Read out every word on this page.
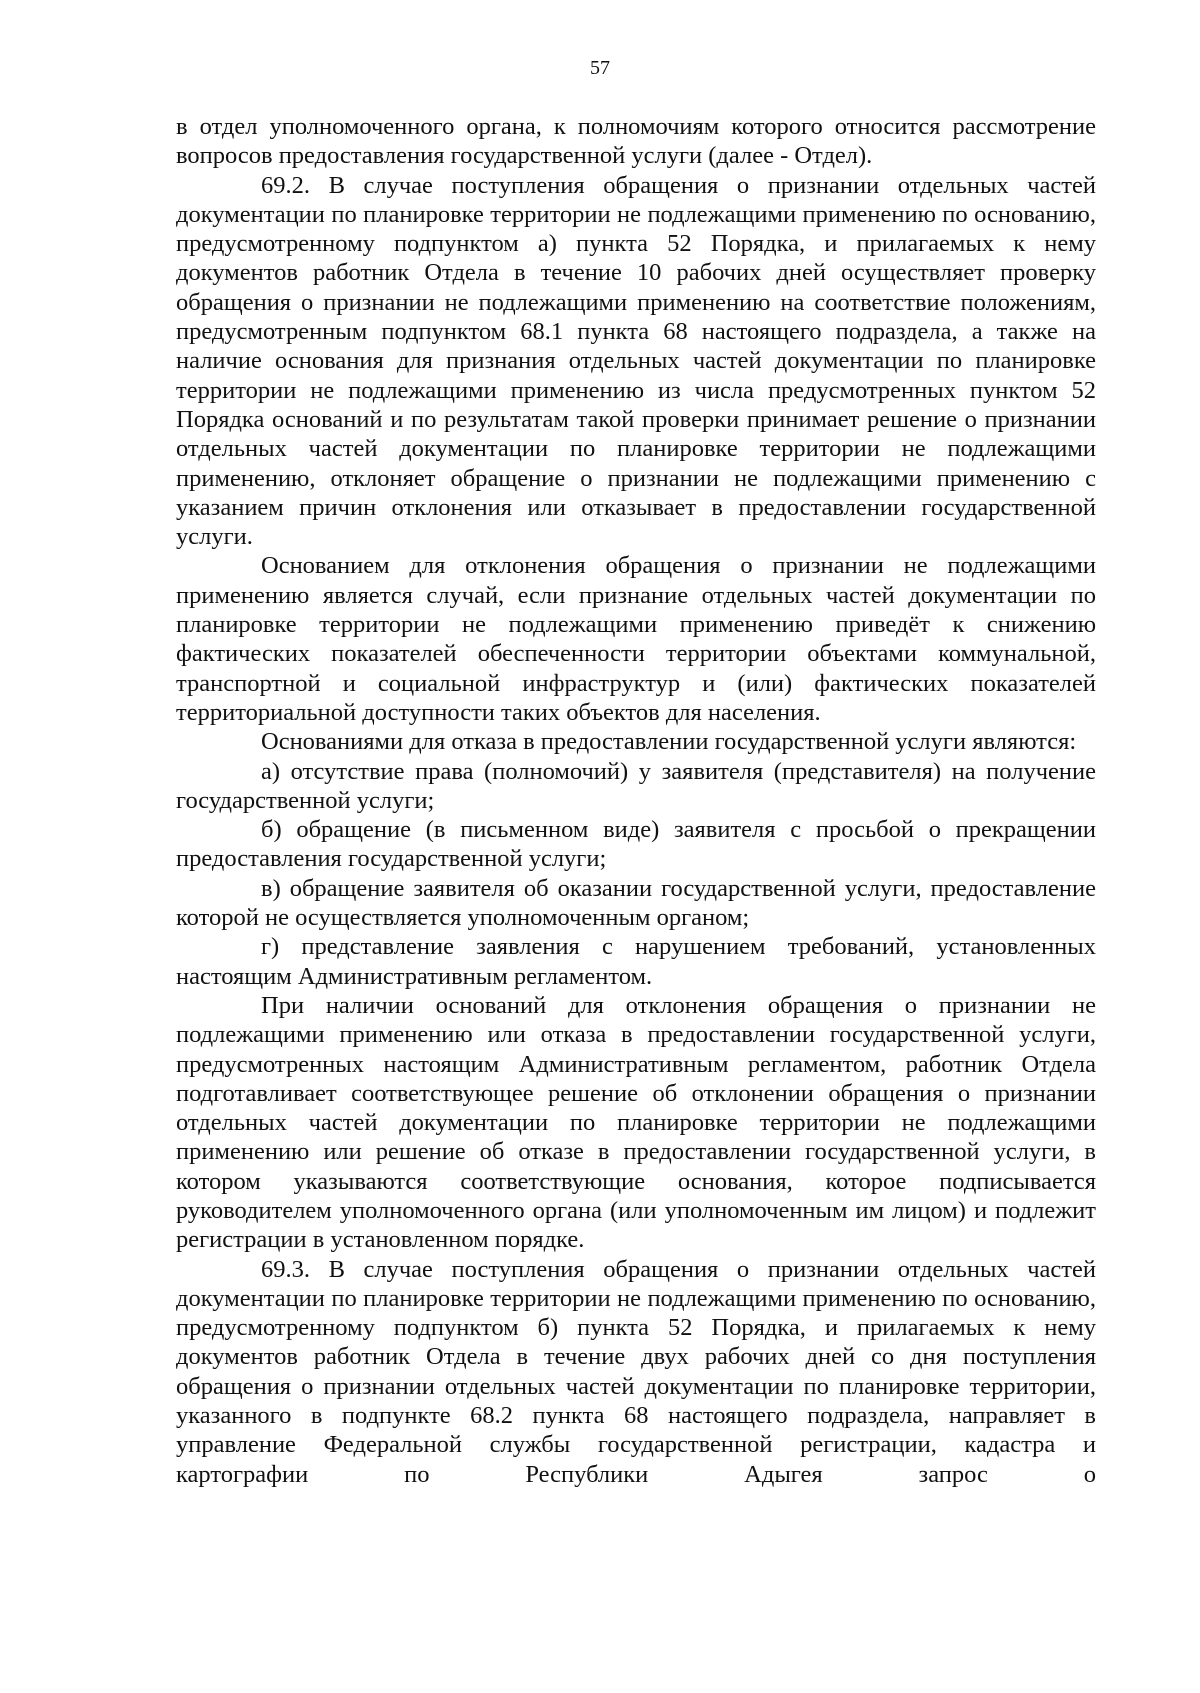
57

в отдел уполномоченного органа, к полномочиям которого относится рассмотрение вопросов предоставления государственной услуги (далее - Отдел).

69.2. В случае поступления обращения о признании отдельных частей документации по планировке территории не подлежащими применению по основанию, предусмотренному подпунктом а) пункта 52 Порядка, и прилагаемых к нему документов работник Отдела в течение 10 рабочих дней осуществляет проверку обращения о признании не подлежащими применению на соответствие положениям, предусмотренным подпунктом 68.1 пункта 68 настоящего подраздела, а также на наличие основания для признания отдельных частей документации по планировке территории не подлежащими применению из числа предусмотренных пунктом 52 Порядка оснований и по результатам такой проверки принимает решение о признании отдельных частей документации по планировке территории не подлежащими применению, отклоняет обращение о признании не подлежащими применению с указанием причин отклонения или отказывает в предоставлении государственной услуги.

Основанием для отклонения обращения о признании не подлежащими применению является случай, если признание отдельных частей документации по планировке территории не подлежащими применению приведёт к снижению фактических показателей обеспеченности территории объектами коммунальной, транспортной и социальной инфраструктур и (или) фактических показателей территориальной доступности таких объектов для населения.

Основаниями для отказа в предоставлении государственной услуги являются:

а) отсутствие права (полномочий) у заявителя (представителя) на получение государственной услуги;

б) обращение (в письменном виде) заявителя с просьбой о прекращении предоставления государственной услуги;

в) обращение заявителя об оказании государственной услуги, предоставление которой не осуществляется уполномоченным органом;

г) представление заявления с нарушением требований, установленных настоящим Административным регламентом.

При наличии оснований для отклонения обращения о признании не подлежащими применению или отказа в предоставлении государственной услуги, предусмотренных настоящим Административным регламентом, работник Отдела подготавливает соответствующее решение об отклонении обращения о признании отдельных частей документации по планировке территории не подлежащими применению или решение об отказе в предоставлении государственной услуги, в котором указываются соответствующие основания, которое подписывается руководителем уполномоченного органа (или уполномоченным им лицом) и подлежит регистрации в установленном порядке.

69.3. В случае поступления обращения о признании отдельных частей документации по планировке территории не подлежащими применению по основанию, предусмотренному подпунктом б) пункта 52 Порядка, и прилагаемых к нему документов работник Отдела в течение двух рабочих дней со дня поступления обращения о признании отдельных частей документации по планировке территории, указанного в подпункте 68.2 пункта 68 настоящего подраздела, направляет в управление Федеральной службы государственной регистрации, кадастра и картографии по Республики Адыгея запрос о
